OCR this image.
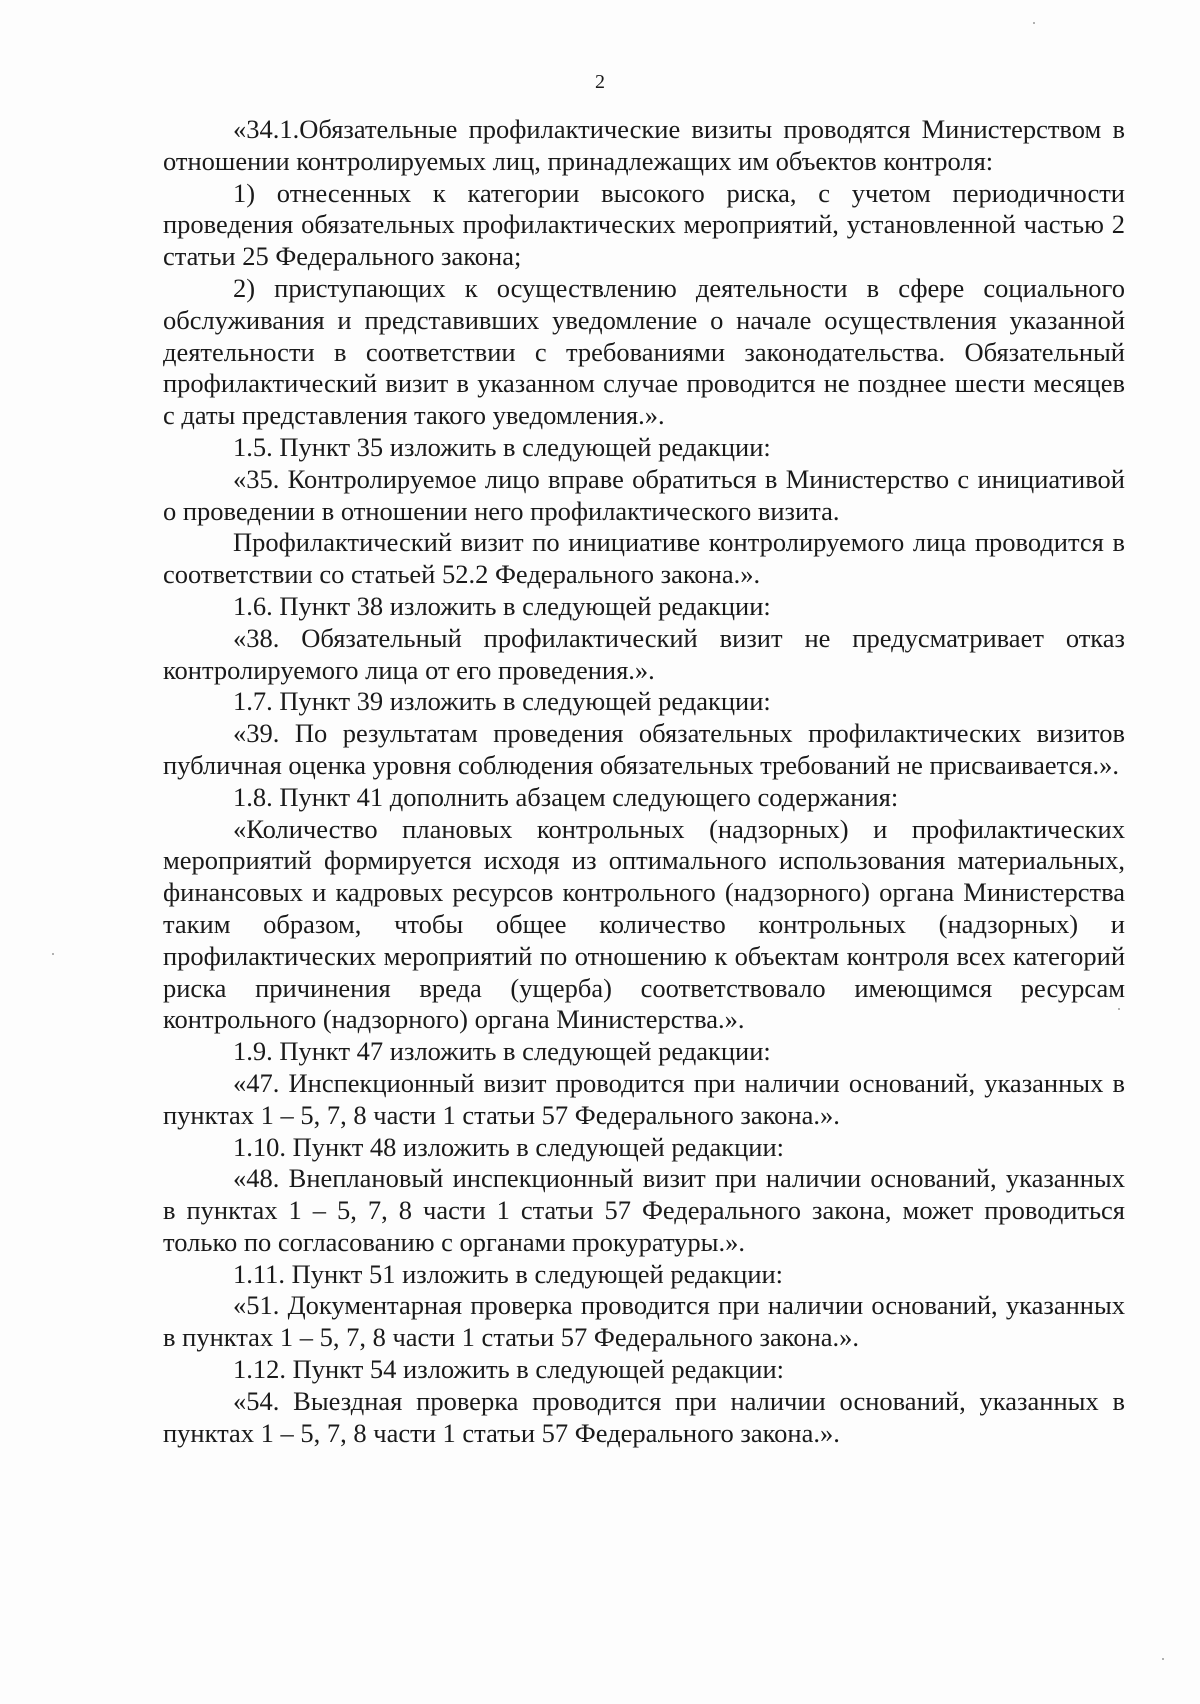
2

«34.1.Обязательные профилактические визиты проводятся Министерством в отношении контролируемых лиц, принадлежащих им объектов контроля:

1) отнесенных к категории высокого риска, с учетом периодичности проведения обязательных профилактических мероприятий, установленной частью 2 статьи 25 Федерального закона;

2) приступающих к осуществлению деятельности в сфере социального обслуживания и представивших уведомление о начале осуществления указанной деятельности в соответствии с требованиями законодательства. Обязательный профилактический визит в указанном случае проводится не позднее шести месяцев с даты представления такого уведомления.».

1.5. Пункт 35 изложить в следующей редакции:

«35. Контролируемое лицо вправе обратиться в Министерство с инициативой о проведении в отношении него профилактического визита.

Профилактический визит по инициативе контролируемого лица проводится в соответствии со статьей 52.2 Федерального закона.».

1.6. Пункт 38 изложить в следующей редакции:

«38. Обязательный профилактический визит не предусматривает отказ контролируемого лица от его проведения.».

1.7. Пункт 39 изложить в следующей редакции:

«39. По результатам проведения обязательных профилактических визитов публичная оценка уровня соблюдения обязательных требований не присваивается.».

1.8. Пункт 41 дополнить абзацем следующего содержания:

«Количество плановых контрольных (надзорных) и профилактических мероприятий формируется исходя из оптимального использования материальных, финансовых и кадровых ресурсов контрольного (надзорного) органа Министерства таким образом, чтобы общее количество контрольных (надзорных) и профилактических мероприятий по отношению к объектам контроля всех категорий риска причинения вреда (ущерба) соответствовало имеющимся ресурсам контрольного (надзорного) органа Министерства.».

1.9. Пункт 47 изложить в следующей редакции:

«47. Инспекционный визит проводится при наличии оснований, указанных в пунктах 1 – 5, 7, 8 части 1 статьи 57 Федерального закона.».

1.10. Пункт 48 изложить в следующей редакции:

«48. Внеплановый инспекционный визит при наличии оснований, указанных в пунктах 1 – 5, 7, 8 части 1 статьи 57 Федерального закона, может проводиться только по согласованию с органами прокуратуры.».

1.11. Пункт 51 изложить в следующей редакции:

«51. Документарная проверка проводится при наличии оснований, указанных в пунктах 1 – 5, 7, 8 части 1 статьи 57 Федерального закона.».

1.12. Пункт 54 изложить в следующей редакции:

«54. Выездная проверка проводится при наличии оснований, указанных в пунктах 1 – 5, 7, 8 части 1 статьи 57 Федерального закона.».
